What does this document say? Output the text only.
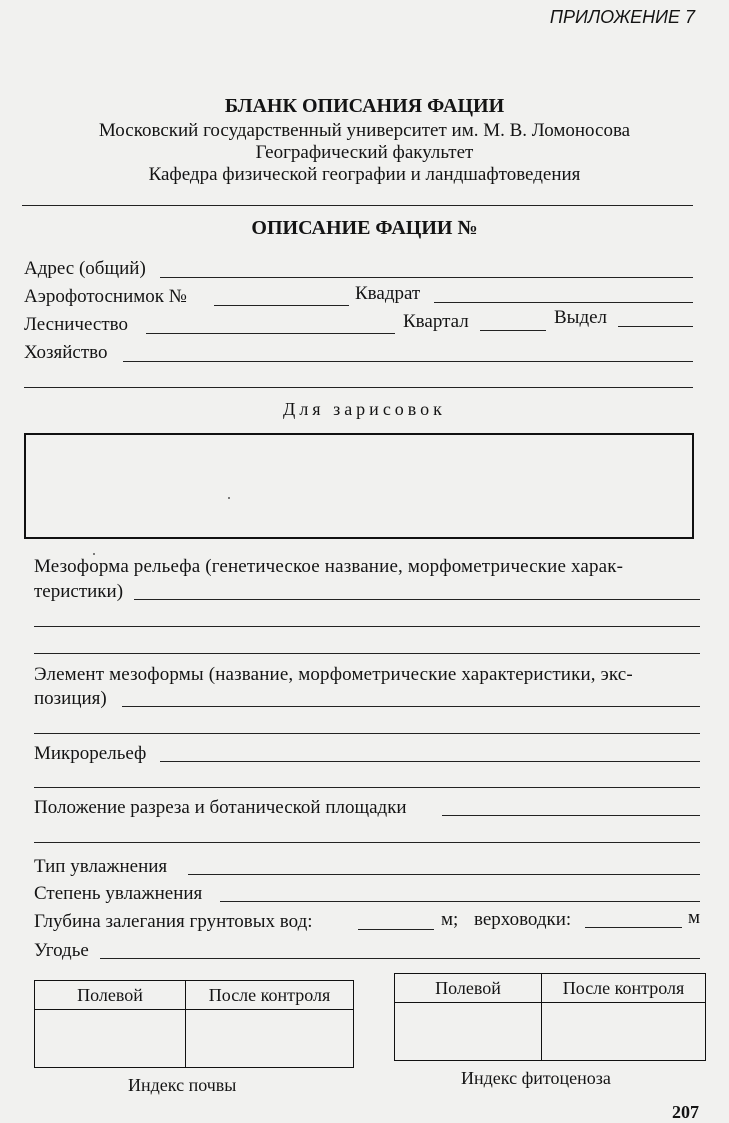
ПРИЛОЖЕНИЕ 7
БЛАНК ОПИСАНИЯ ФАЦИИ
Московский государственный университет им. М. В. Ломоносова
Географический факультет
Кафедра физической географии и ландшафтоведения
ОПИСАНИЕ ФАЦИИ №
Адрес (общий)
Аэрофотоснимок №	Квадрат
Лесничество	Квартал	Выдел
Хозяйство
Для зарисовок
Мезоформа рельефа (генетическое название, морфометрические харак-
теристики)
Элемент мезоформы (название, морфометрические характеристики, экс-
позиция)
Микрорельеф
Положение разреза и ботанической площадки
Тип увлажнения
Степень увлажнения
Глубина залегания грунтовых вод:	м; верховодки:	м
Угодье
Полевой	После контроля

Индекс почвы
Полевой	После контроля

Индекс фитоценоза
207
